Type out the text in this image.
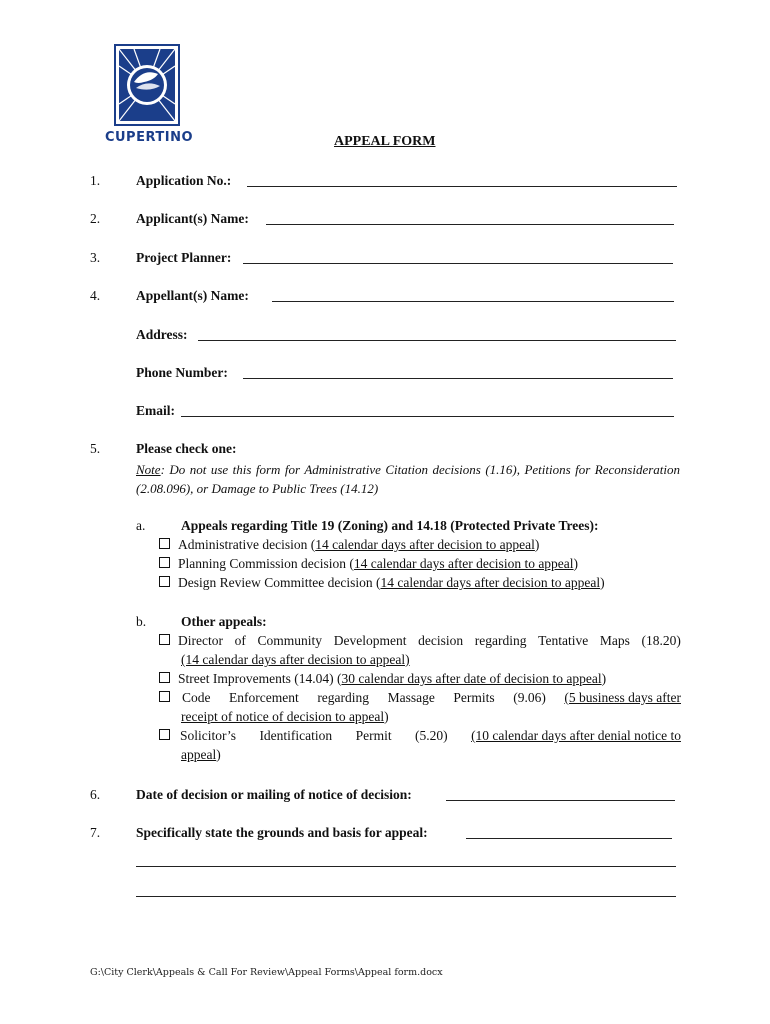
CUPERTINO	APPEAL FORM
1.	Application No.:
2.	Applicant(s) Name:
3.	Project Planner:
4.	Appellant(s) Name:
Address:
Phone Number:
Email:
5.	Please check one:
Note: Do not use this form for Administrative Citation decisions (1.16), Petitions for Reconsideration (2.08.096), or Damage to Public Trees (14.12)
a.	Appeals regarding Title 19 (Zoning) and 14.18 (Protected Private Trees):
Administrative decision (14 calendar days after decision to appeal)
Planning Commission decision (14 calendar days after decision to appeal)
Design Review Committee decision (14 calendar days after decision to appeal)
b.	Other appeals:
Director of Community Development decision regarding Tentative Maps (18.20)
(14 calendar days after decision to appeal)
Street Improvements (14.04) (30 calendar days after date of decision to appeal)
Code Enforcement regarding Massage Permits (9.06) (5 business days after
receipt of notice of decision to appeal)
Solicitor’s Identification Permit (5.20) (10 calendar days after denial notice to
appeal)
6.	Date of decision or mailing of notice of decision:
7.	Specifically state the grounds and basis for appeal:
G:\City Clerk\Appeals & Call For Review\Appeal Forms\Appeal form.docx
